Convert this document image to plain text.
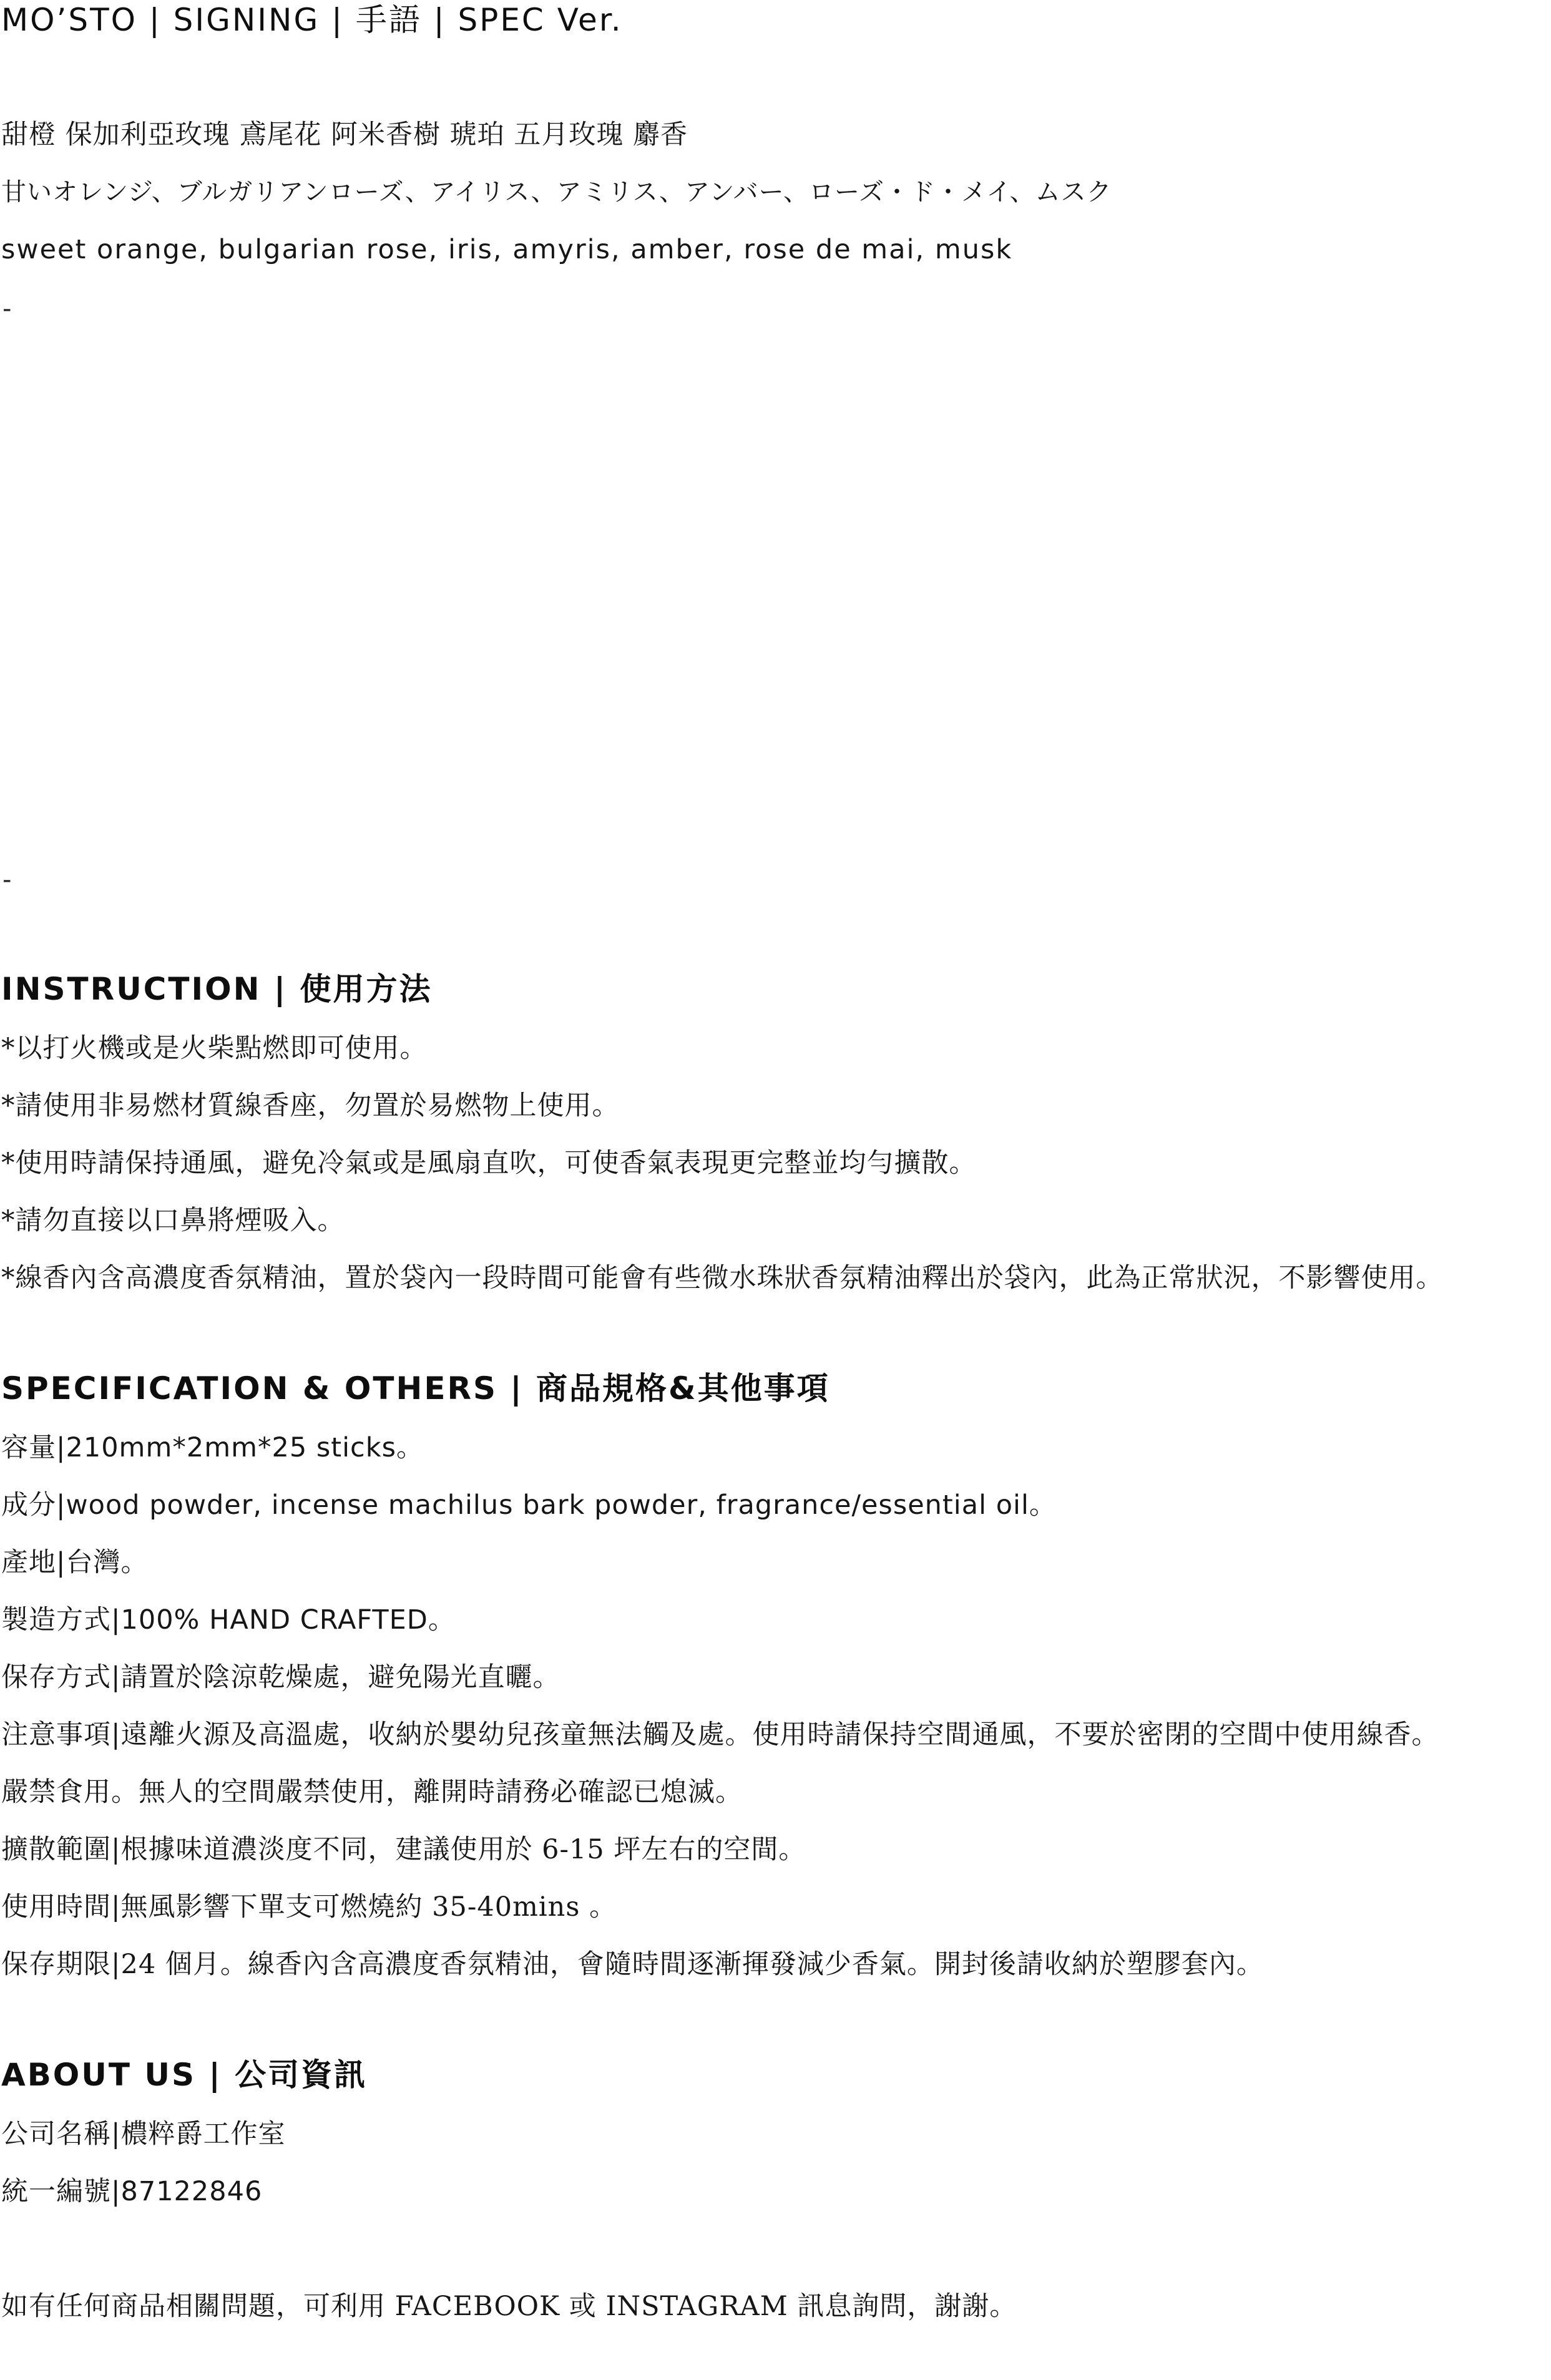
MO’STO | SIGNING | 手語 | SPEC Ver.
甜橙 保加利亞玫瑰 鳶尾花 阿米香樹 琥珀 五月玫瑰 麝香
甘いオレンジ、ブルガリアンローズ、アイリス、アミリス、アンバー、ローズ・ド・メイ、ムスク
sweet orange, bulgarian rose, iris, amyris, amber, rose de mai, musk
-
-
INSTRUCTION | 使用方法
*以打火機或是火柴點燃即可使用。
*請使用非易燃材質線香座，勿置於易燃物上使用。
*使用時請保持通風，避免冷氣或是風扇直吹，可使香氣表現更完整並均勻擴散。
*請勿直接以口鼻將煙吸入。
*線香內含高濃度香氛精油，置於袋內一段時間可能會有些微水珠狀香氛精油釋出於袋內，此為正常狀況，不影響使用。
SPECIFICATION & OTHERS | 商品規格&其他事項
容量|210mm*2mm*25 sticks。
成分|wood powder, incense machilus bark powder, fragrance/essential oil。
產地|台灣。
製造方式|100% HAND CRAFTED。
保存方式|請置於陰涼乾燥處，避免陽光直曬。
注意事項|遠離火源及高溫處，收納於嬰幼兒孩童無法觸及處。使用時請保持空間通風，不要於密閉的空間中使用線香。
嚴禁食用。無人的空間嚴禁使用，離開時請務必確認已熄滅。
擴散範圍|根據味道濃淡度不同，建議使用於 6-15 坪左右的空間。
使用時間|無風影響下單支可燃燒約 35-40mins 。
保存期限|24 個月。線香內含高濃度香氛精油，會隨時間逐漸揮發減少香氣。開封後請收納於塑膠套內。
ABOUT US | 公司資訊
公司名稱|檂粹爵工作室
統一編號|87122846
如有任何商品相關問題，可利用 FACEBOOK 或 INSTAGRAM 訊息詢問，謝謝。
